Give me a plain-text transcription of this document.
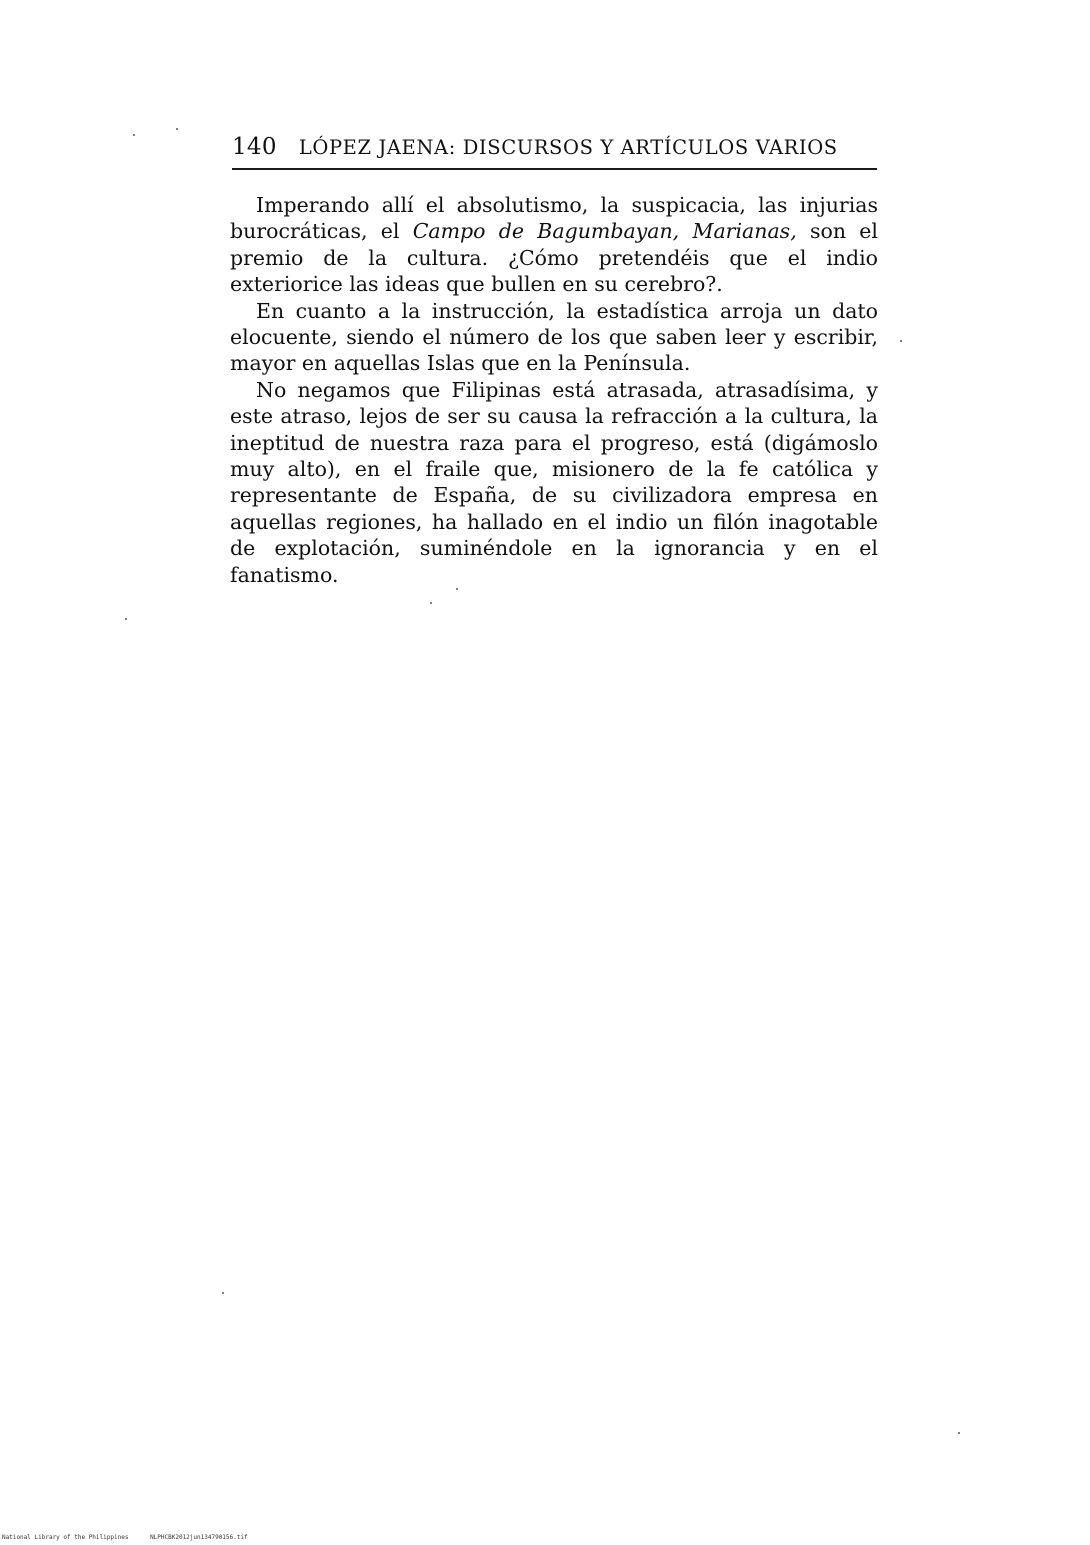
140 LÓPEZ JAENA: DISCURSOS Y ARTÍCULOS VARIOS

Imperando allí el absolutismo, la suspicacia, las injurias burocráticas, el Campo de Bagumbayan, Marianas, son el premio de la cultura. ¿Cómo pretendéis que el indio exteriorice las ideas que bullen en su cerebro?.

En cuanto a la instrucción, la estadística arroja un dato elocuente, siendo el número de los que saben leer y escribir, mayor en aquellas Islas que en la Península.

No negamos que Filipinas está atrasada, atrasadísima, y este atraso, lejos de ser su causa la refracción a la cultura, la ineptitud de nuestra raza para el progreso, está (digámoslo muy alto), en el fraile que, misionero de la fe católica y representante de España, de su civilizadora empresa en aquellas regiones, ha hallado en el indio un filón inagotable de explotación, suminéndole en la ignorancia y en el fanatismo.

National Library of the Philippines	NLPHCBK2012jun134790156.tif
